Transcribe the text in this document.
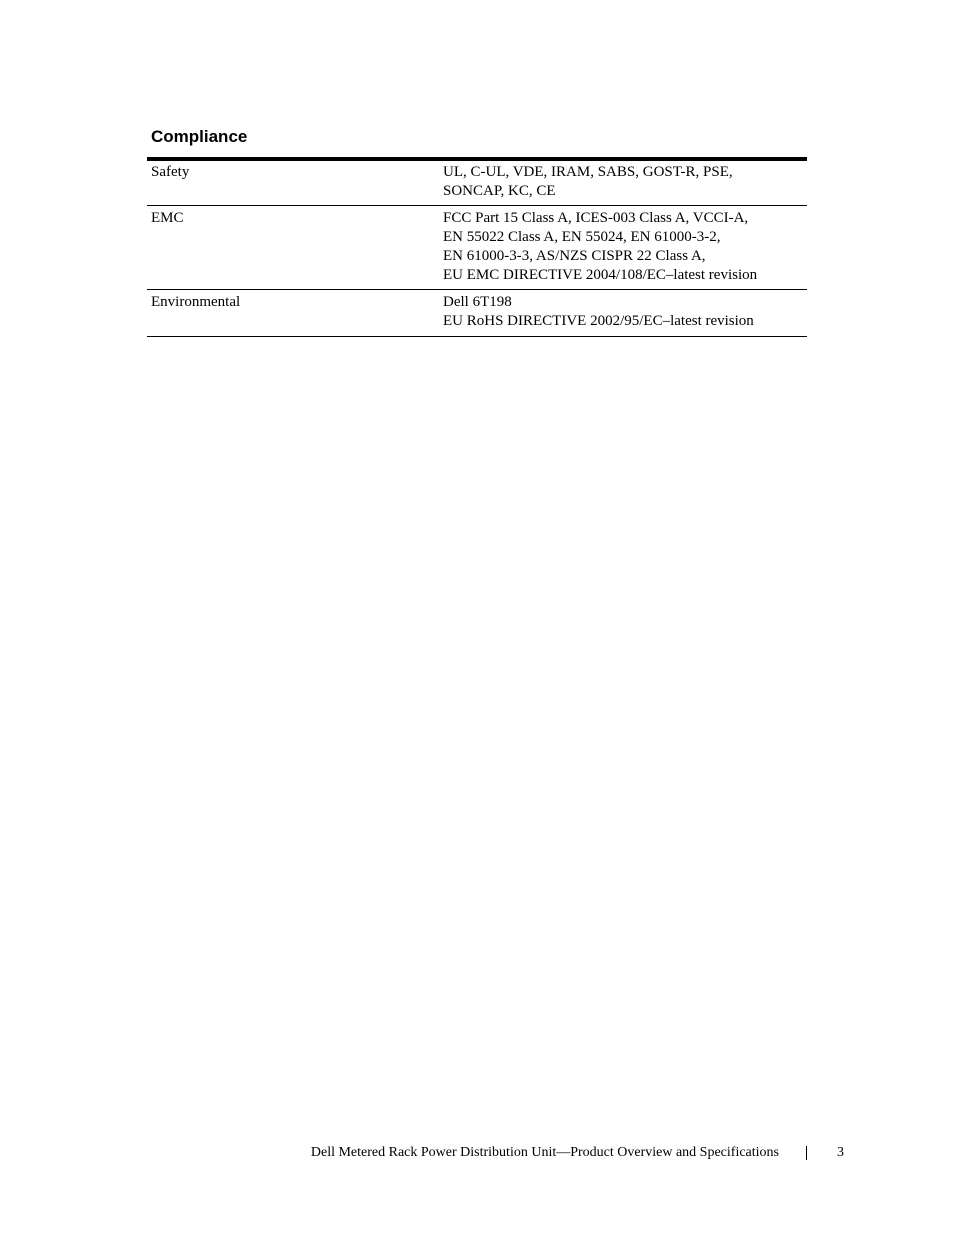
Compliance
Safety	UL, C-UL, VDE, IRAM, SABS, GOST-R, PSE,
SONCAP, KC, CE
EMC	FCC Part 15 Class A, ICES-003 Class A, VCCI-A,
EN 55022 Class A, EN 55024, EN 61000-3-2,
EN 61000-3-3, AS/NZS CISPR 22 Class A,
EU EMC DIRECTIVE 2004/108/EC–latest revision
Environmental	Dell 6T198
EU RoHS DIRECTIVE 2002/95/EC–latest revision
Dell Metered Rack Power Distribution Unit—Product Overview and Specifications	3
